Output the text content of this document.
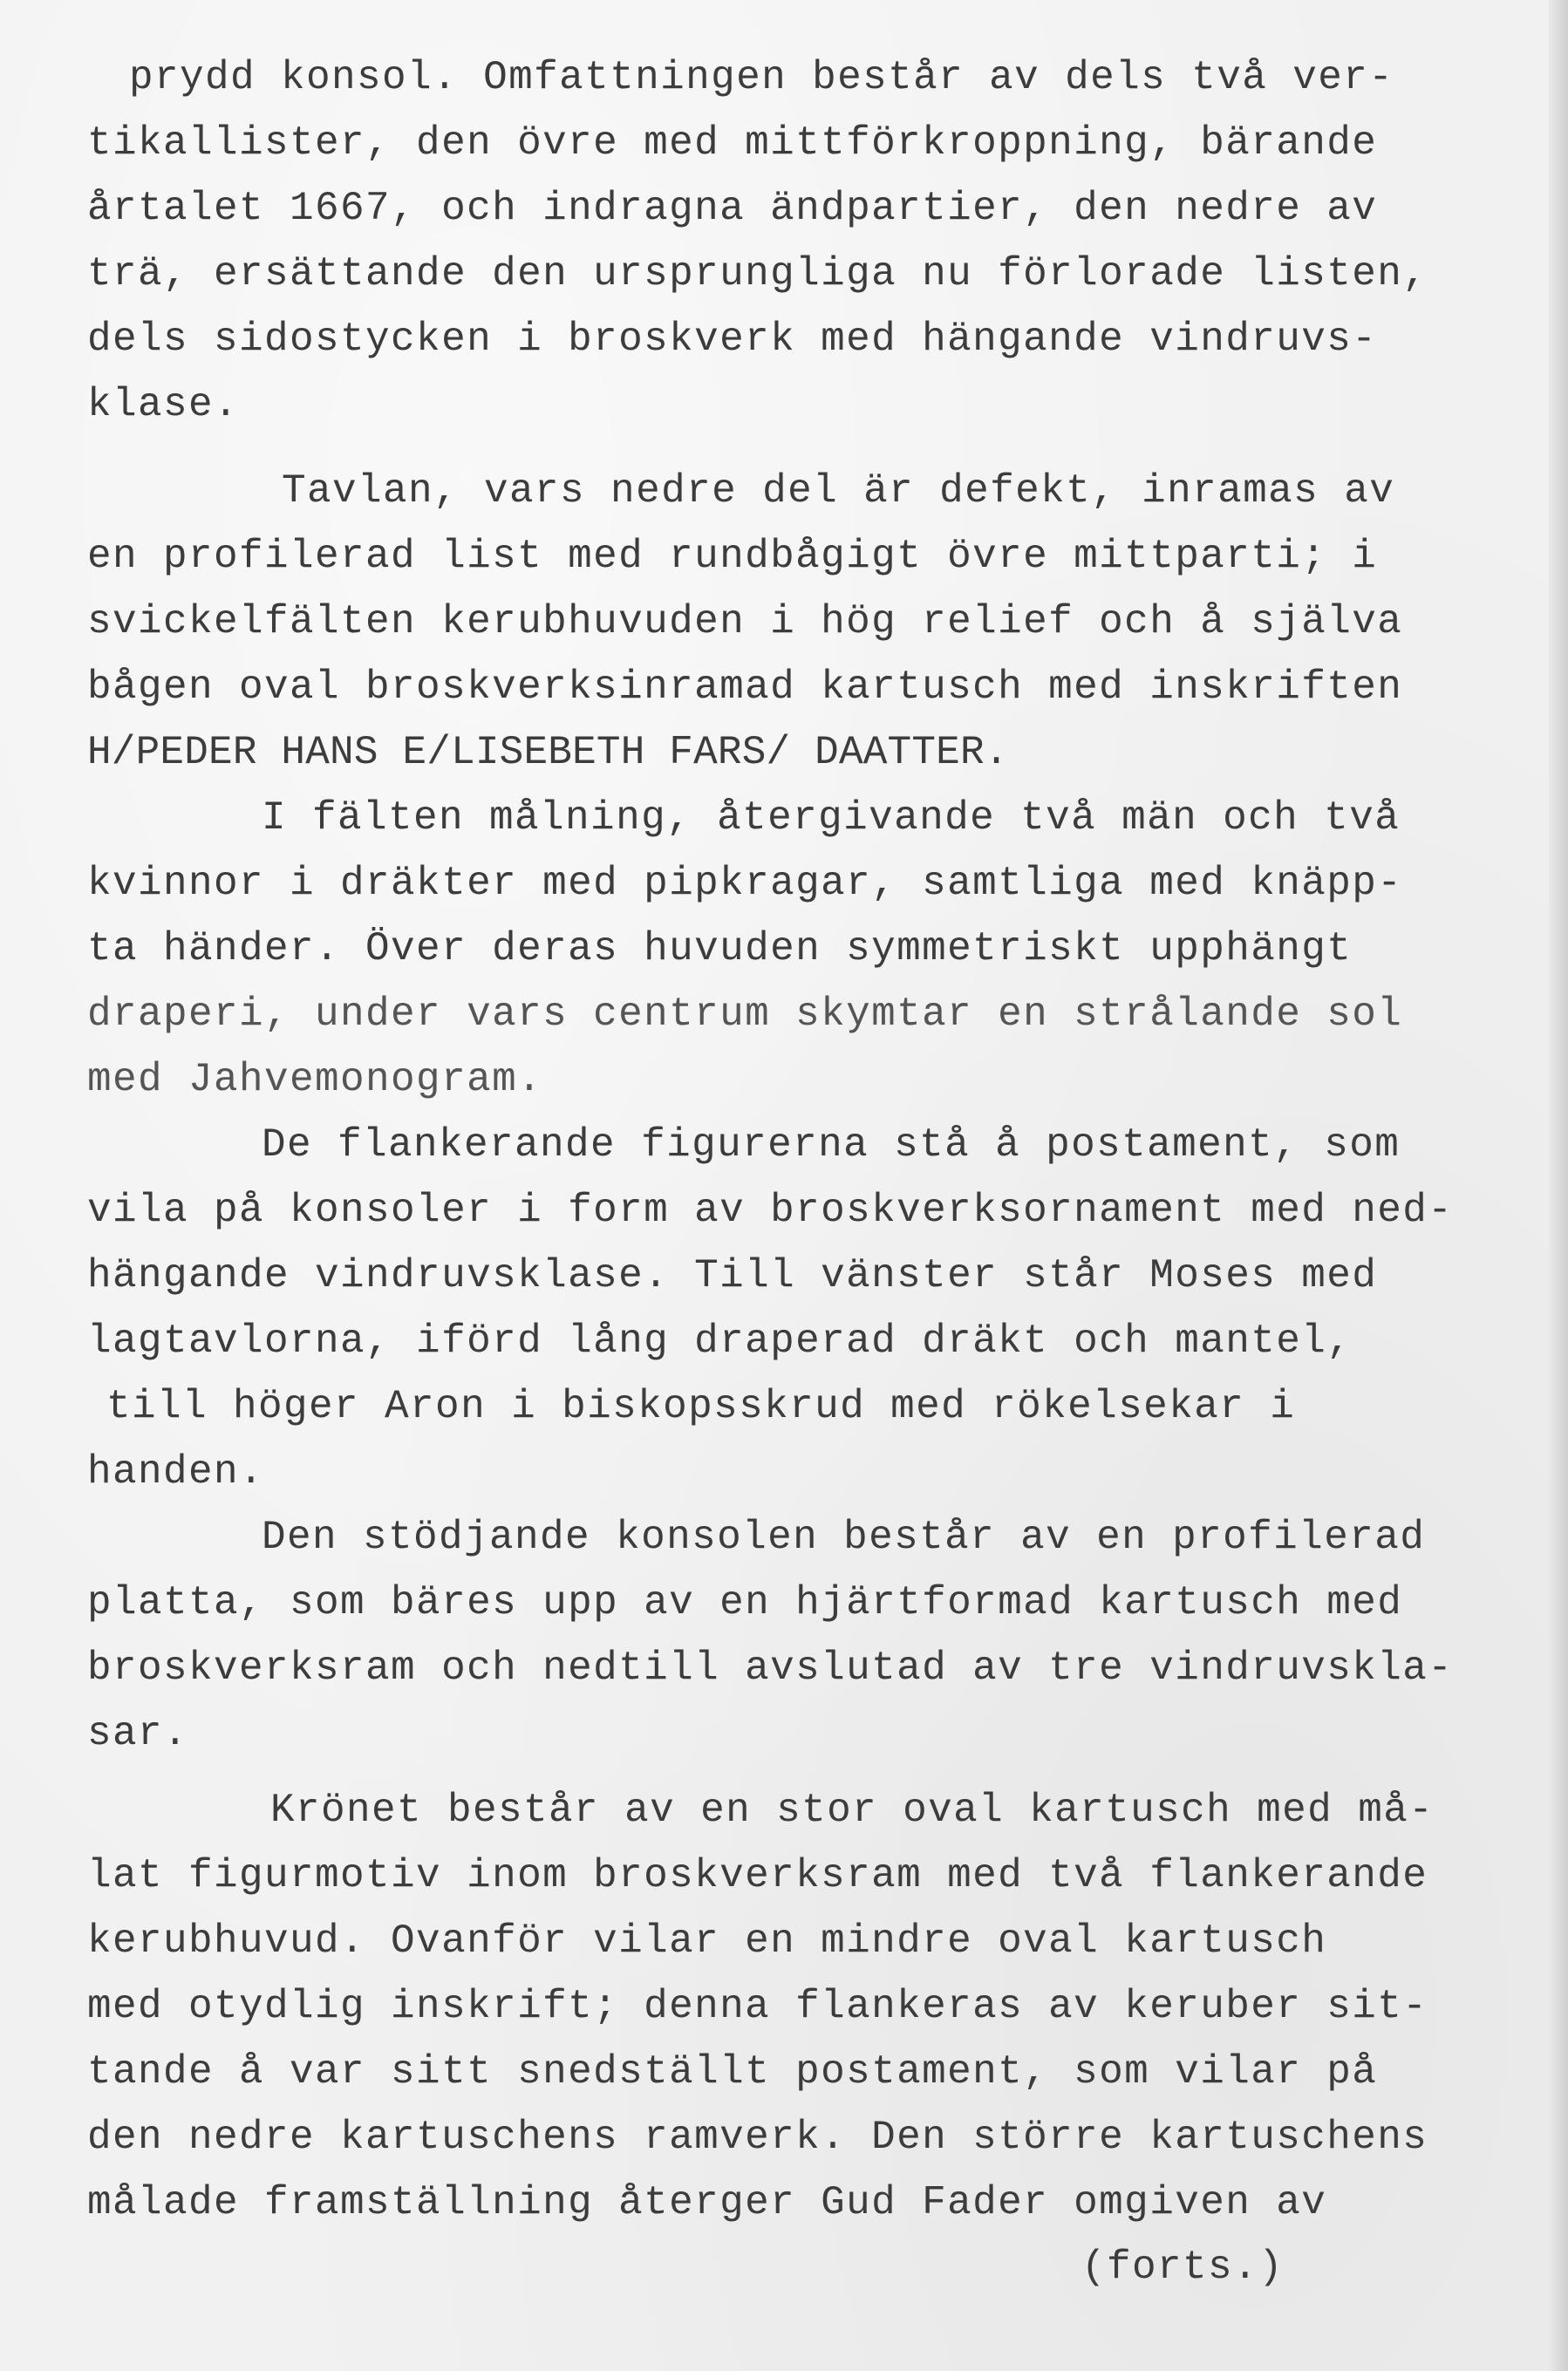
prydd konsol. Omfattningen består av dels två ver-
tikallister, den övre med mittförkroppning, bärande
årtalet 1667, och indragna ändpartier, den nedre av
trä, ersättande den ursprungliga nu förlorade listen,
dels sidostycken i broskverk med hängande vindruvs-
klase.
Tavlan, vars nedre del är defekt, inramas av
en profilerad list med rundbågigt övre mittparti; i
svickelfälten kerubhuvuden i hög relief och å själva
bågen oval broskverksinramad kartusch med inskriften
H/PEDER HANS E/LISEBETH FARS/ DAATTER.
I fälten målning, återgivande två män och två
kvinnor i dräkter med pipkragar, samtliga med knäpp-
ta händer. Över deras huvuden symmetriskt upphängt
draperi, under vars centrum skymtar en strålande sol
med Jahvemonogram.
De flankerande figurerna stå å postament, som
vila på konsoler i form av broskverksornament med ned-
hängande vindruvsklase. Till vänster står Moses med
lagtavlorna, iförd lång draperad dräkt och mantel,
till höger Aron i biskopsskrud med rökelsekar i
handen.
Den stödjande konsolen består av en profilerad
platta, som bäres upp av en hjärtformad kartusch med
broskverksram och nedtill avslutad av tre vindruvskla-
sar.
Krönet består av en stor oval kartusch med må-
lat figurmotiv inom broskverksram med två flankerande
kerubhuvud. Ovanför vilar en mindre oval kartusch
med otydlig inskrift; denna flankeras av keruber sit-
tande å var sitt snedställt postament, som vilar på
den nedre kartuschens ramverk. Den större kartuschens
målade framställning återger Gud Fader omgiven av
(forts.)
